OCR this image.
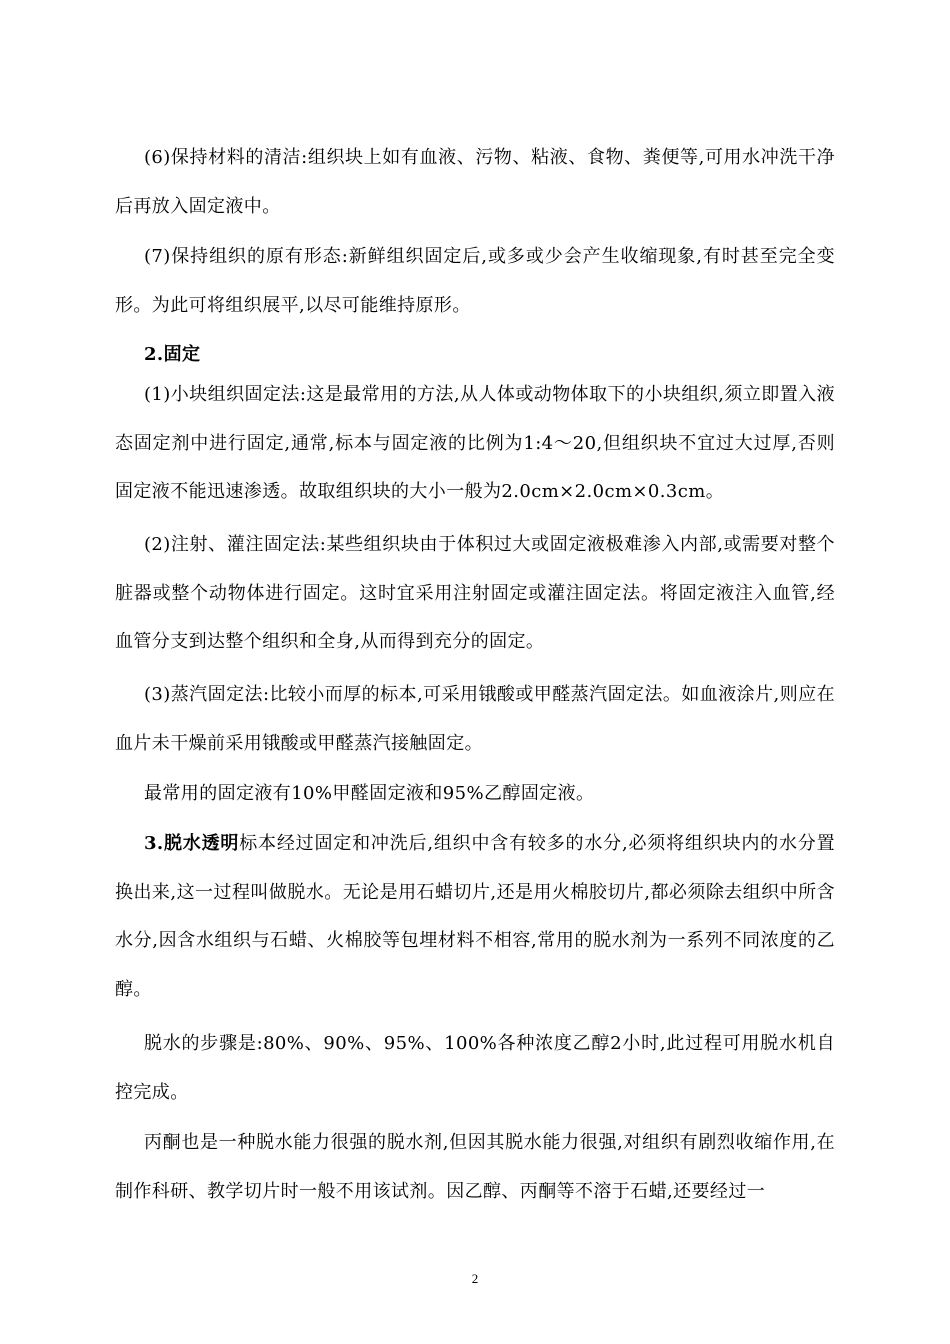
(6)保持材料的清洁:组织块上如有血液、污物、粘液、食物、粪便等,可用水冲洗干净后再放入固定液中。

(7)保持组织的原有形态:新鲜组织固定后,或多或少会产生收缩现象,有时甚至完全变形。为此可将组织展平,以尽可能维持原形。

2.固定

(1)小块组织固定法:这是最常用的方法,从人体或动物体取下的小块组织,须立即置入液态固定剂中进行固定,通常,标本与固定液的比例为1:4～20,但组织块不宜过大过厚,否则固定液不能迅速渗透。故取组织块的大小一般为2.0cm×2.0cm×0.3cm。

(2)注射、灌注固定法:某些组织块由于体积过大或固定液极难渗入内部,或需要对整个脏器或整个动物体进行固定。这时宜采用注射固定或灌注固定法。将固定液注入血管,经血管分支到达整个组织和全身,从而得到充分的固定。

(3)蒸汽固定法:比较小而厚的标本,可采用锇酸或甲醛蒸汽固定法。如血液涂片,则应在血片未干燥前采用锇酸或甲醛蒸汽接触固定。

最常用的固定液有10%甲醛固定液和95%乙醇固定液。

3.脱水透明标本经过固定和冲洗后,组织中含有较多的水分,必须将组织块内的水分置换出来,这一过程叫做脱水。无论是用石蜡切片,还是用火棉胶切片,都必须除去组织中所含水分,因含水组织与石蜡、火棉胶等包埋材料不相容,常用的脱水剂为一系列不同浓度的乙醇。

脱水的步骤是:80%、90%、95%、100%各种浓度乙醇2小时,此过程可用脱水机自控完成。

丙酮也是一种脱水能力很强的脱水剂,但因其脱水能力很强,对组织有剧烈收缩作用,在制作科研、教学切片时一般不用该试剂。因乙醇、丙酮等不溶于石蜡,还要经过一

2
